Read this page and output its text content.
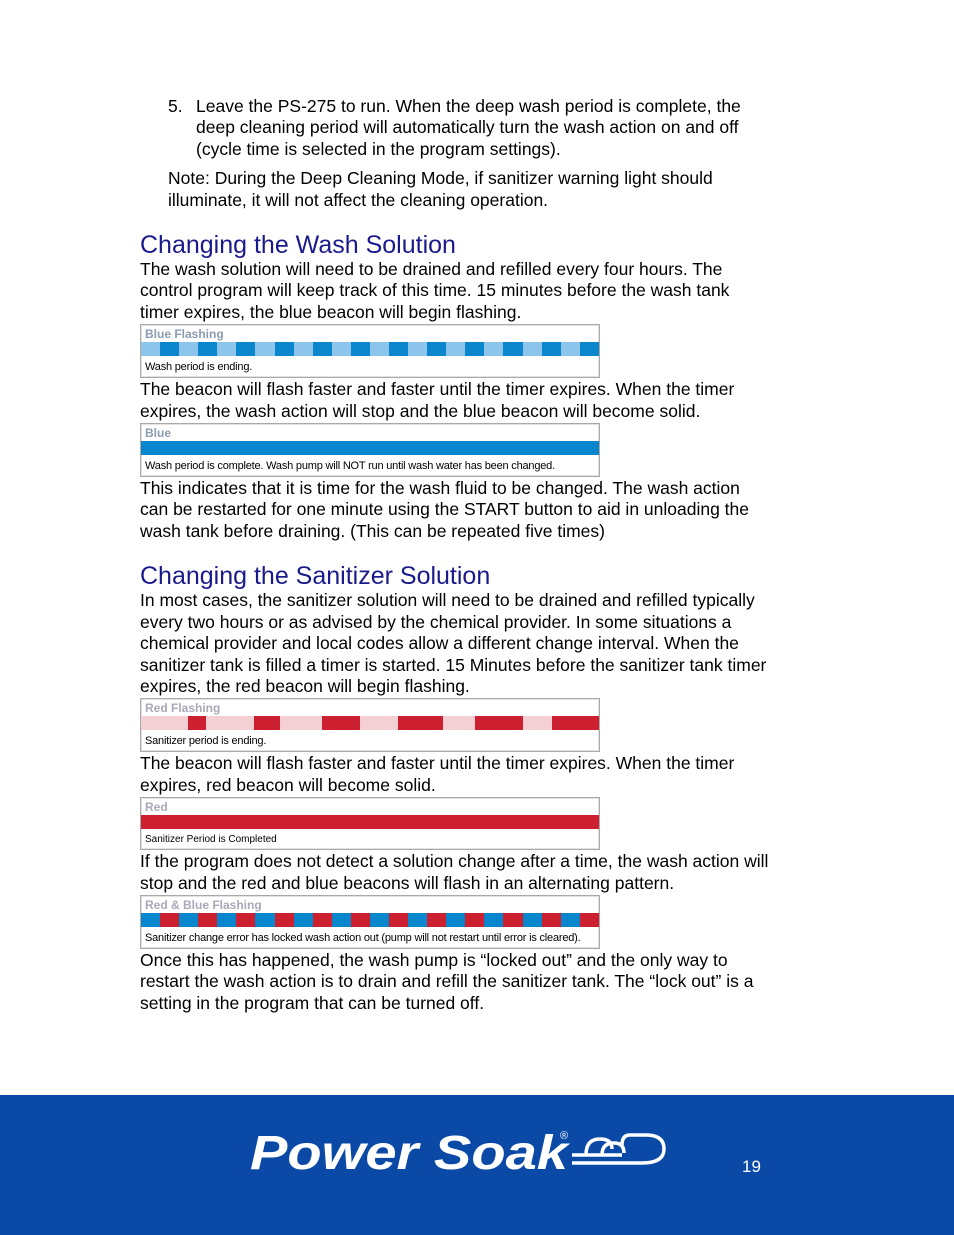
5. Leave the PS-275 to run. When the deep wash period is complete, the deep cleaning period will automatically turn the wash action on and off (cycle time is selected in the program settings).

Note: During the Deep Cleaning Mode, if sanitizer warning light should illuminate, it will not affect the cleaning operation.

Changing the Wash Solution

The wash solution will need to be drained and refilled every four hours. The control program will keep track of this time. 15 minutes before the wash tank timer expires, the blue beacon will begin flashing.

Blue Flashing
Wash period is ending.

The beacon will flash faster and faster until the timer expires. When the timer expires, the wash action will stop and the blue beacon will become solid.

Blue
Wash period is complete. Wash pump will NOT run until wash water has been changed.

This indicates that it is time for the wash fluid to be changed. The wash action can be restarted for one minute using the START button to aid in unloading the wash tank before draining. (This can be repeated five times)

Changing the Sanitizer Solution

In most cases, the sanitizer solution will need to be drained and refilled typically every two hours or as advised by the chemical provider. In some situations a chemical provider and local codes allow a different change interval. When the sanitizer tank is filled a timer is started. 15 Minutes before the sanitizer tank timer expires, the red beacon will begin flashing.

Red Flashing
Sanitizer period is ending.

The beacon will flash faster and faster until the timer expires. When the timer expires, red beacon will become solid.

Red
Sanitizer Period is Completed

If the program does not detect a solution change after a time, the wash action will stop and the red and blue beacons will flash in an alternating pattern.

Red & Blue Flashing
Sanitizer change error has locked wash action out (pump will not restart until error is cleared).

Once this has happened, the wash pump is “locked out” and the only way to restart the wash action is to drain and refill the sanitizer tank. The “lock out” is a setting in the program that can be turned off.

Power Soak
®
19
